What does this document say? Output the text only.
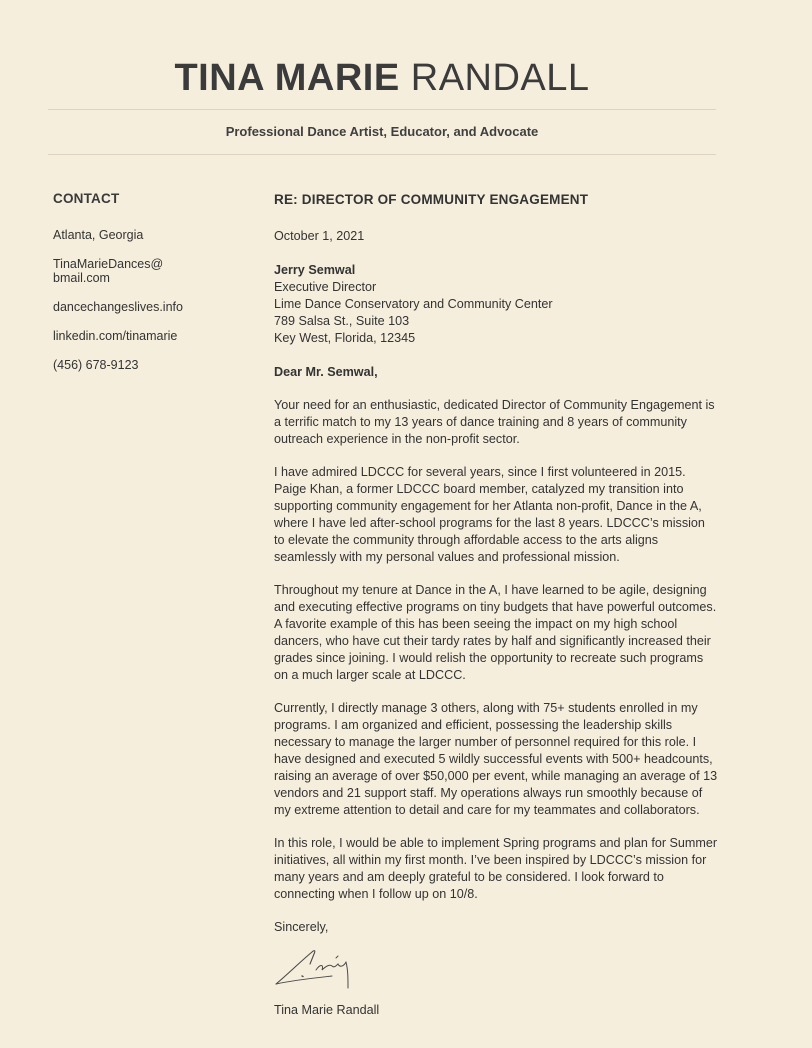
TINA MARIE RANDALL
Professional Dance Artist, Educator, and Advocate
CONTACT
Atlanta, Georgia
TinaMarieDances@
bmail.com
dancechangeslives.info
linkedin.com/tinamarie
(456) 678-9123
RE: DIRECTOR OF COMMUNITY ENGAGEMENT
October 1, 2021
Jerry Semwal
Executive Director
Lime Dance Conservatory and Community Center
789 Salsa St., Suite 103
Key West, Florida, 12345
Dear Mr. Semwal,
Your need for an enthusiastic, dedicated Director of Community Engagement is a terrific match to my 13 years of dance training and 8 years of community outreach experience in the non-profit sector.
I have admired LDCCC for several years, since I first volunteered in 2015. Paige Khan, a former LDCCC board member, catalyzed my transition into supporting community engagement for her Atlanta non-profit, Dance in the A, where I have led after-school programs for the last 8 years. LDCCC’s mission to elevate the community through affordable access to the arts aligns seamlessly with my personal values and professional mission.
Throughout my tenure at Dance in the A, I have learned to be agile, designing and executing effective programs on tiny budgets that have powerful outcomes. A favorite example of this has been seeing the impact on my high school dancers, who have cut their tardy rates by half and significantly increased their grades since joining. I would relish the opportunity to recreate such programs on a much larger scale at LDCCC.
Currently, I directly manage 3 others, along with 75+ students enrolled in my programs. I am organized and efficient, possessing the leadership skills necessary to manage the larger number of personnel required for this role. I have designed and executed 5 wildly successful events with 500+ headcounts, raising an average of over $50,000 per event, while managing an average of 13 vendors and 21 support staff. My operations always run smoothly because of my extreme attention to detail and care for my teammates and collaborators.
In this role, I would be able to implement Spring programs and plan for Summer initiatives, all within my first month. I’ve been inspired by LDCCC’s mission for many years and am deeply grateful to be considered. I look forward to connecting when I follow up on 10/8.
Sincerely,
Tina Marie Randall
